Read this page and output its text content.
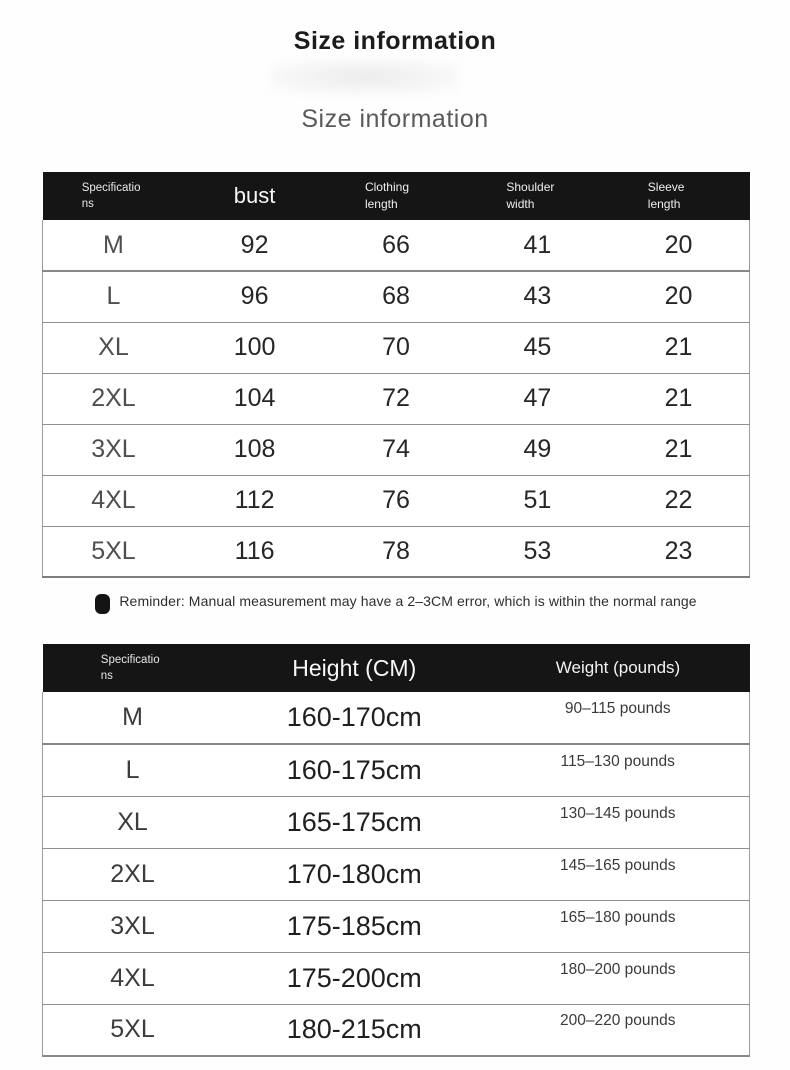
Size information
Size information
Specifications	bust	Clothing length	Shoulder width	Sleeve length
M	92	66	41	20
L	96	68	43	20
XL	100	70	45	21
2XL	104	72	47	21
3XL	108	74	49	21
4XL	112	76	51	22
5XL	116	78	53	23
Reminder: Manual measurement may have a 2–3CM error, which is within the normal range
Specifications	Height (CM)	Weight (pounds)
M	160-170cm	90–115 pounds
L	160-175cm	115–130 pounds
XL	165-175cm	130–145 pounds
2XL	170-180cm	145–165 pounds
3XL	175-185cm	165–180 pounds
4XL	175-200cm	180–200 pounds
5XL	180-215cm	200–220 pounds
